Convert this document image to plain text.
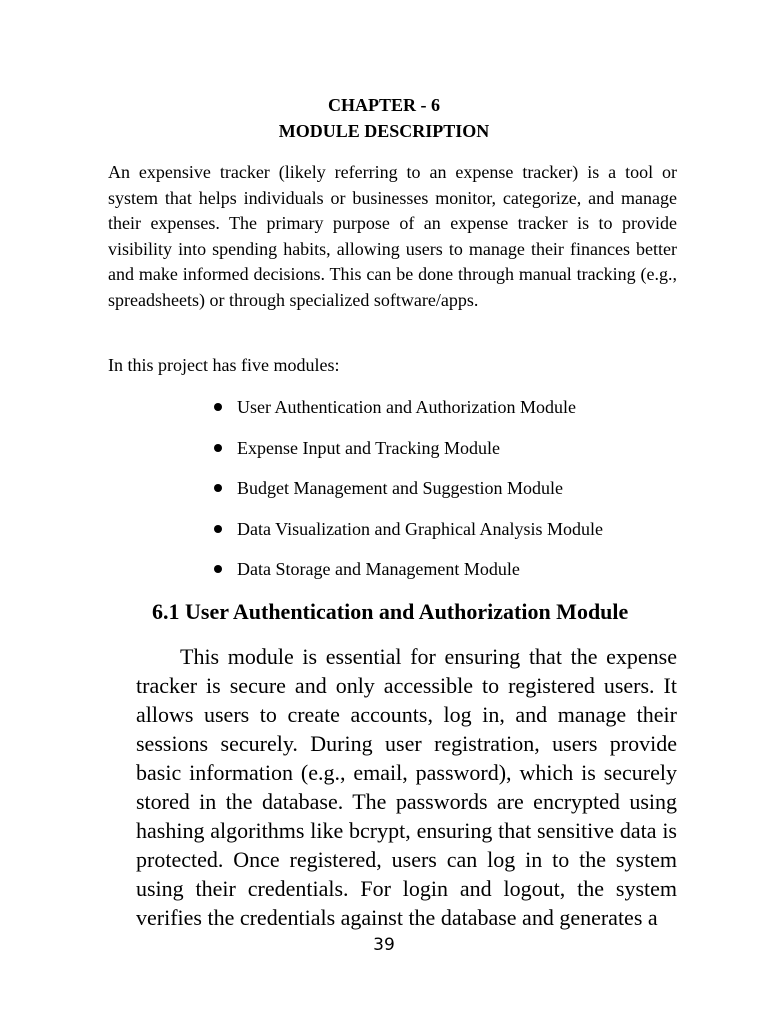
CHAPTER - 6
MODULE DESCRIPTION

An expensive tracker (likely referring to an expense tracker) is a tool or system that helps individuals or businesses monitor, categorize, and manage their expenses. The primary purpose of an expense tracker is to provide visibility into spending habits, allowing users to manage their finances better and make informed decisions. This can be done through manual tracking (e.g., spreadsheets) or through specialized software/apps.

In this project has five modules:

User Authentication and Authorization Module
Expense Input and Tracking Module
Budget Management and Suggestion Module
Data Visualization and Graphical Analysis Module
Data Storage and Management Module
6.1 User Authentication and Authorization Module

This module is essential for ensuring that the expense tracker is secure and only accessible to registered users. It allows users to create accounts, log in, and manage their sessions securely. During user registration, users provide basic information (e.g., email, password), which is securely stored in the database. The passwords are encrypted using hashing algorithms like bcrypt, ensuring that sensitive data is protected. Once registered, users can log in to the system using their credentials. For login and logout, the system verifies the credentials against the database and generates a

39
